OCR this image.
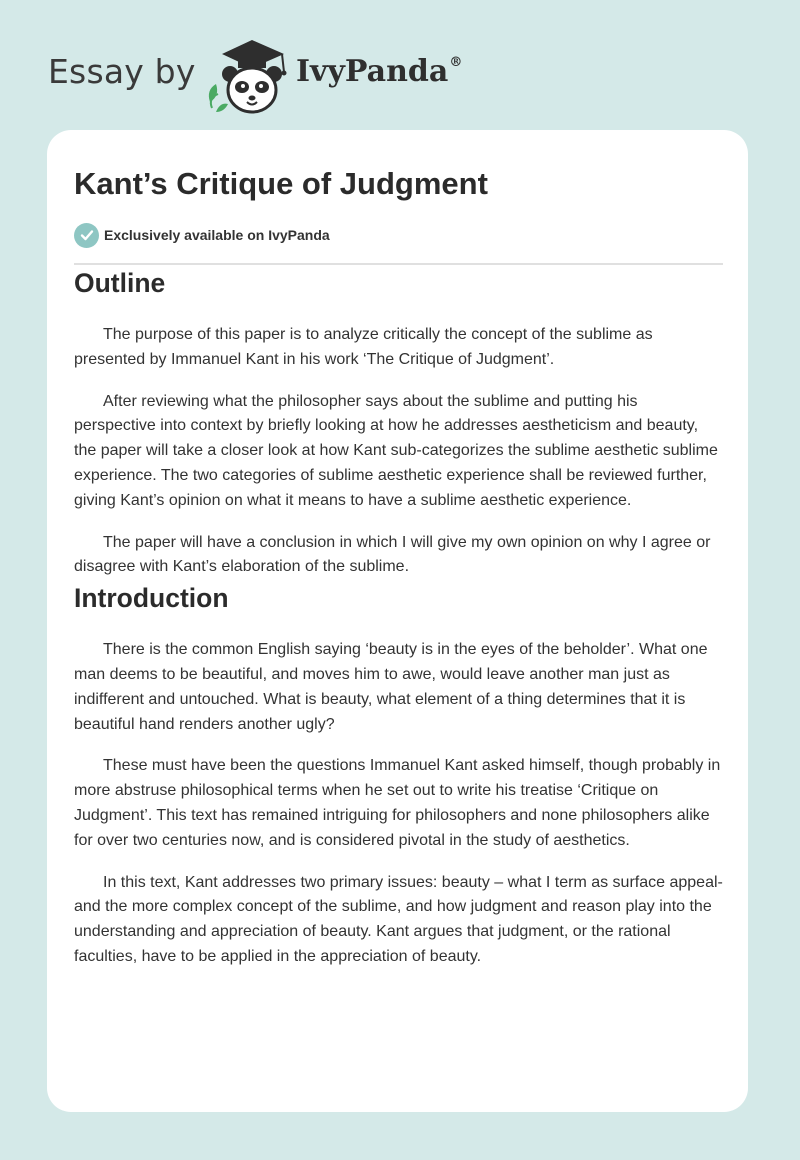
Essay by	IvyPanda®
Kant’s Critique of Judgment
Exclusively available on IvyPanda
Outline

The purpose of this paper is to analyze critically the concept of the sublime as presented by Immanuel Kant in his work ‘The Critique of Judgment’.

After reviewing what the philosopher says about the sublime and putting his perspective into context by briefly looking at how he addresses aestheticism and beauty, the paper will take a closer look at how Kant sub-categorizes the sublime aesthetic sublime experience. The two categories of sublime aesthetic experience shall be reviewed further, giving Kant’s opinion on what it means to have a sublime aesthetic experience.

The paper will have a conclusion in which I will give my own opinion on why I agree or disagree with Kant’s elaboration of the sublime.

Introduction

There is the common English saying ‘beauty is in the eyes of the beholder’. What one man deems to be beautiful, and moves him to awe, would leave another man just as indifferent and untouched. What is beauty, what element of a thing determines that it is beautiful hand renders another ugly?

These must have been the questions Immanuel Kant asked himself, though probably in more abstruse philosophical terms when he set out to write his treatise ‘Critique on Judgment’. This text has remained intriguing for philosophers and none philosophers alike for over two centuries now, and is considered pivotal in the study of aesthetics.

In this text, Kant addresses two primary issues: beauty – what I term as surface appeal- and the more complex concept of the sublime, and how judgment and reason play into the understanding and appreciation of beauty. Kant argues that judgment, or the rational faculties, have to be applied in the appreciation of beauty.
